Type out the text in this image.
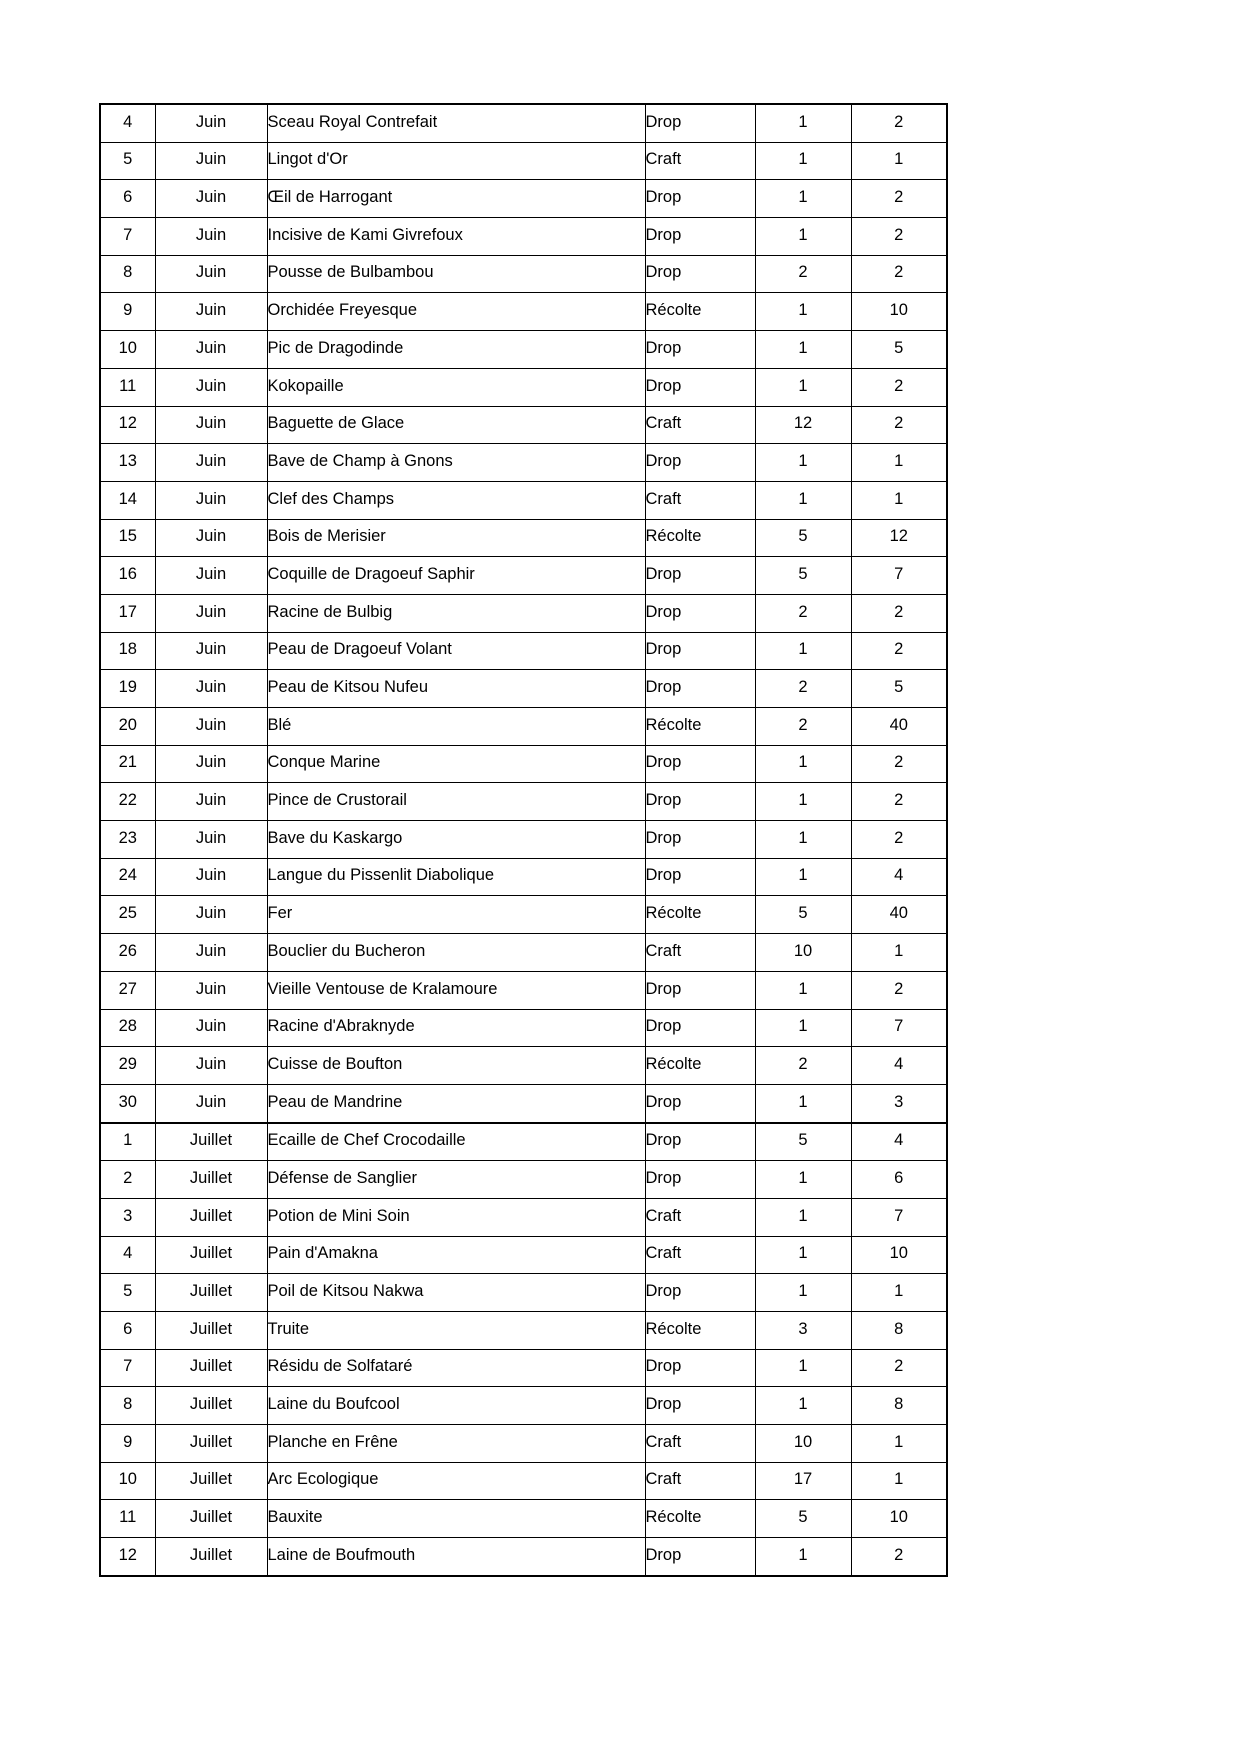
4	Juin	Sceau Royal Contrefait	Drop	1	2
5	Juin	Lingot d'Or	Craft	1	1
6	Juin	Œil de Harrogant	Drop	1	2
7	Juin	Incisive de Kami Givrefoux	Drop	1	2
8	Juin	Pousse de Bulbambou	Drop	2	2
9	Juin	Orchidée Freyesque	Récolte	1	10
10	Juin	Pic de Dragodinde	Drop	1	5
11	Juin	Kokopaille	Drop	1	2
12	Juin	Baguette de Glace	Craft	12	2
13	Juin	Bave de Champ à Gnons	Drop	1	1
14	Juin	Clef des Champs	Craft	1	1
15	Juin	Bois de Merisier	Récolte	5	12
16	Juin	Coquille de Dragoeuf Saphir	Drop	5	7
17	Juin	Racine de Bulbig	Drop	2	2
18	Juin	Peau de Dragoeuf Volant	Drop	1	2
19	Juin	Peau de Kitsou Nufeu	Drop	2	5
20	Juin	Blé	Récolte	2	40
21	Juin	Conque Marine	Drop	1	2
22	Juin	Pince de Crustorail	Drop	1	2
23	Juin	Bave du Kaskargo	Drop	1	2
24	Juin	Langue du Pissenlit Diabolique	Drop	1	4
25	Juin	Fer	Récolte	5	40
26	Juin	Bouclier du Bucheron	Craft	10	1
27	Juin	Vieille Ventouse de Kralamoure	Drop	1	2
28	Juin	Racine d'Abraknyde	Drop	1	7
29	Juin	Cuisse de Boufton	Récolte	2	4
30	Juin	Peau de Mandrine	Drop	1	3
1	Juillet	Ecaille de Chef Crocodaille	Drop	5	4
2	Juillet	Défense de Sanglier	Drop	1	6
3	Juillet	Potion de Mini Soin	Craft	1	7
4	Juillet	Pain d'Amakna	Craft	1	10
5	Juillet	Poil de Kitsou Nakwa	Drop	1	1
6	Juillet	Truite	Récolte	3	8
7	Juillet	Résidu de Solfataré	Drop	1	2
8	Juillet	Laine du Boufcool	Drop	1	8
9	Juillet	Planche en Frêne	Craft	10	1
10	Juillet	Arc Ecologique	Craft	17	1
11	Juillet	Bauxite	Récolte	5	10
12	Juillet	Laine de Boufmouth	Drop	1	2
